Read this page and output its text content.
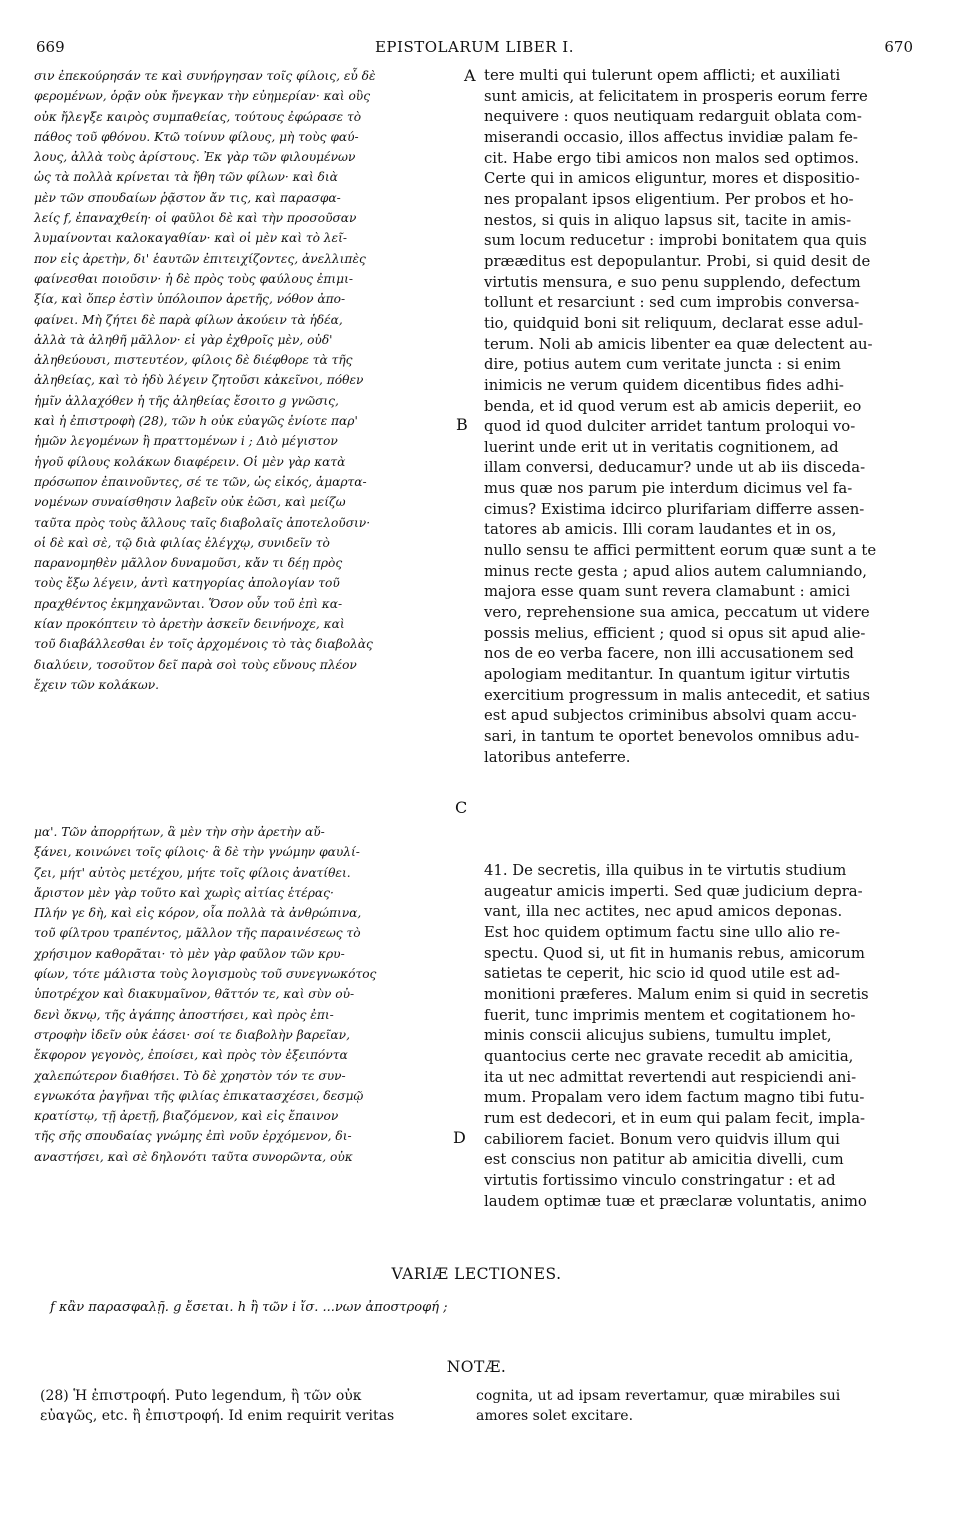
669	EPISTOLARUM LIBER I.	670

σιν ἐπεκούρησάν τε καὶ συνήργησαν τοῖς φίλοις, εὖ δὲ
φερομένων, ὁρᾷν οὐκ ἤνεγκαν τὴν εὐημερίαν· καὶ οὓς
οὐκ ἤλεγξε καιρὸς συμπαθείας, τούτους ἐφώρασε τὸ
πάθος τοῦ φθόνου. Κτῶ τοίνυν φίλους, μὴ τοὺς φαύ-
λους, ἀλλὰ τοὺς ἀρίστους. Ἐκ γὰρ τῶν φιλουμένων
ὡς τὰ πολλὰ κρίνεται τὰ ἤθη τῶν φίλων· καὶ διὰ
μὲν τῶν σπουδαίων ῥᾷστον ἄν τις, καὶ παρασφα-
λείς f, ἐπαναχθείη· οἱ φαῦλοι δὲ καὶ τὴν προσοῦσαν
λυμαίνονται καλοκαγαθίαν· καὶ οἱ μὲν καὶ τὸ λεῖ-
πον εἰς ἀρετὴν, δι' ἑαυτῶν ἐπιτειχίζοντες, ἀνελλιπὲς
φαίνεσθαι ποιοῦσιν· ἡ δὲ πρὸς τοὺς φαύλους ἐπιμι-
ξία, καὶ ὅπερ ἐστὶν ὑπόλοιπον ἀρετῆς, νόθον ἀπο-
φαίνει. Μὴ ζήτει δὲ παρὰ φίλων ἀκούειν τὰ ἡδέα,
ἀλλὰ τὰ ἀληθῆ μᾶλλον· εἰ γὰρ ἐχθροῖς μὲν, οὐδ'
ἀληθεύουσι, πιστευτέον, φίλοις δὲ διέφθορε τὰ τῆς
ἀληθείας, καὶ τὸ ἡδὺ λέγειν ζητοῦσι κἀκεῖνοι, πόθεν
ἡμῖν ἀλλαχόθεν ἡ τῆς ἀληθείας ἔσοιτο g γνῶσις,
καὶ ἡ ἐπιστροφὴ (28), τῶν h οὐκ εὐαγῶς ἐνίοτε παρ'
ἡμῶν λεγομένων ἢ πραττομένων i ; Διὸ μέγιστον
ἡγοῦ φίλους κολάκων διαφέρειν. Οἱ μὲν γὰρ κατὰ
πρόσωπον ἐπαινοῦντες, σέ τε τῶν, ὡς εἰκός, ἁμαρτα-
νομένων συναίσθησιν λαβεῖν οὐκ ἐῶσι, καὶ μείζω
ταῦτα πρὸς τοὺς ἄλλους ταῖς διαβολαῖς ἀποτελοῦσιν·
οἱ δὲ καὶ σὲ, τῷ διὰ φιλίας ἐλέγχῳ, συνιδεῖν τὸ
παρανομηθὲν μᾶλλον δυναμοῦσι, κἄν τι δέῃ πρὸς
τοὺς ἔξω λέγειν, ἀντὶ κατηγορίας ἀπολογίαν τοῦ
πραχθέντος ἐκμηχανῶνται. Ὅσον οὖν τοῦ ἐπὶ κα-
κίαν προκόπτειν τὸ ἀρετὴν ἀσκεῖν δεινήνοχε, καὶ
τοῦ διαβάλλεσθαι ἐν τοῖς ἀρχομένοις τὸ τὰς διαβολὰς
διαλύειν, τοσοῦτον δεῖ παρὰ σοὶ τοὺς εὔνους πλέον
ἔχειν τῶν κολάκων.

μα'. Τῶν ἀπορρήτων, ἃ μὲν τὴν σὴν ἀρετὴν αὔ-
ξάνει, κοινώνει τοῖς φίλοις· ἃ δὲ τὴν γνώμην φαυλί-
ζει, μήτ' αὐτὸς μετέχου, μήτε τοῖς φίλοις ἀνατίθει.
ἄριστον μὲν γὰρ τοῦτο καὶ χωρὶς αἰτίας ἑτέρας·
Πλήν γε δὴ, καὶ εἰς κόρον, οἷα πολλὰ τὰ ἀνθρώπινα,
τοῦ φίλτρου τραπέντος, μᾶλλον τῆς παραινέσεως τὸ
χρήσιμον καθορᾶται· τὸ μὲν γὰρ φαῦλον τῶν κρυ-
φίων, τότε μάλιστα τοὺς λογισμοὺς τοῦ συνεγνωκότος
ὑποτρέχον καὶ διακυμαῖνον, θᾶττόν τε, καὶ σὺν οὐ-
δενὶ ὄκνῳ, τῆς ἀγάπης ἀποστήσει, καὶ πρὸς ἐπι-
στροφὴν ἰδεῖν οὐκ ἐάσει· σοί τε διαβολὴν βαρεῖαν,
ἔκφορον γεγονὸς, ἐποίσει, καὶ πρὸς τὸν ἐξειπόντα
χαλεπώτερον διαθήσει. Τὸ δὲ χρηστὸν τόν τε συν-
εγνωκότα ῥαγῆναι τῆς φιλίας ἐπικατασχέσει, δεσμῷ
κρατίστῳ, τῇ ἀρετῇ, βιαζόμενον, καὶ εἰς ἔπαινον
τῆς σῆς σπουδαίας γνώμης ἐπὶ νοῦν ἐρχόμενον, δι-
αναστήσει, καὶ σὲ δηλονότι ταῦτα συνορῶντα, οὐκ

A
B
C
D

tere multi qui tulerunt opem afflicti; et auxiliati
sunt amicis, at felicitatem in prosperis eorum ferre
nequivere : quos neutiquam redarguit oblata com-
miserandi occasio, illos affectus invidiæ palam fe-
cit. Habe ergo tibi amicos non malos sed optimos.
Certe qui in amicos eliguntur, mores et dispositio-
nes propalant ipsos eligentium. Per probos et ho-
nestos, si quis in aliquo lapsus sit, tacite in amis-
sum locum reducetur : improbi bonitatem qua quis
prææditus est depopulantur. Probi, si quid desit de
virtutis mensura, e suo penu supplendo, defectum
tollunt et resarciunt : sed cum improbis conversa-
tio, quidquid boni sit reliquum, declarat esse adul-
terum. Noli ab amicis libenter ea quæ delectent au-
dire, potius autem cum veritate juncta : si enim
inimicis ne verum quidem dicentibus fides adhi-
benda, et id quod verum est ab amicis deperiit, eo
quod id quod dulciter arridet tantum proloqui vo-
luerint unde erit ut in veritatis cognitionem, ad
illam conversi, deducamur? unde ut ab iis disceda-
mus quæ nos parum pie interdum dicimus vel fa-
cimus? Existima idcirco plurifariam differre assen-
tatores ab amicis. Illi coram laudantes et in os,
nullo sensu te affici permittent eorum quæ sunt a te
minus recte gesta ; apud alios autem calumniando,
majora esse quam sunt revera clamabunt : amici
vero, reprehensione sua amica, peccatum ut videre
possis melius, efficient ; quod si opus sit apud alie-
nos de eo verba facere, non illi accusationem sed
apologiam meditantur. In quantum igitur virtutis
exercitium progressum in malis antecedit, et satius
est apud subjectos criminibus absolvi quam accu-
sari, in tantum te oportet benevolos omnibus adu-
latoribus anteferre.

41. De secretis, illa quibus in te virtutis studium
augeatur amicis imperti. Sed quæ judicium depra-
vant, illa nec actites, nec apud amicos deponas.
Est hoc quidem optimum factu sine ullo alio re-
spectu. Quod si, ut fit in humanis rebus, amicorum
satietas te ceperit, hic scio id quod utile est ad-
monitioni præferes. Malum enim si quid in secretis
fuerit, tunc imprimis mentem et cogitationem ho-
minis conscii alicujus subiens, tumultu implet,
quantocius certe nec gravate recedit ab amicitia,
ita ut nec admittat revertendi aut respiciendi ani-
mum. Propalam vero idem factum magno tibi futu-
rum est dedecori, et in eum qui palam fecit, impla-
cabiliorem faciet. Bonum vero quidvis illum qui
est conscius non patitur ab amicitia divelli, cum
virtutis fortissimo vinculo constringatur : et ad
laudem optimæ tuæ et præclaræ voluntatis, animo

VARIÆ LECTIONES.
f κἂν παρασφαλῇ. g ἔσεται. h ἢ τῶν i ἴσ. ...νων ἀποστροφή ;
NOTÆ.

(28) Ἡ ἐπιστροφή. Puto legendum, ἢ τῶν οὐκ
εὐαγῶς, etc. ἢ ἐπιστροφή. Id enim requirit veritas

cognita, ut ad ipsam revertamur, quæ mirabiles sui
amores solet excitare.
